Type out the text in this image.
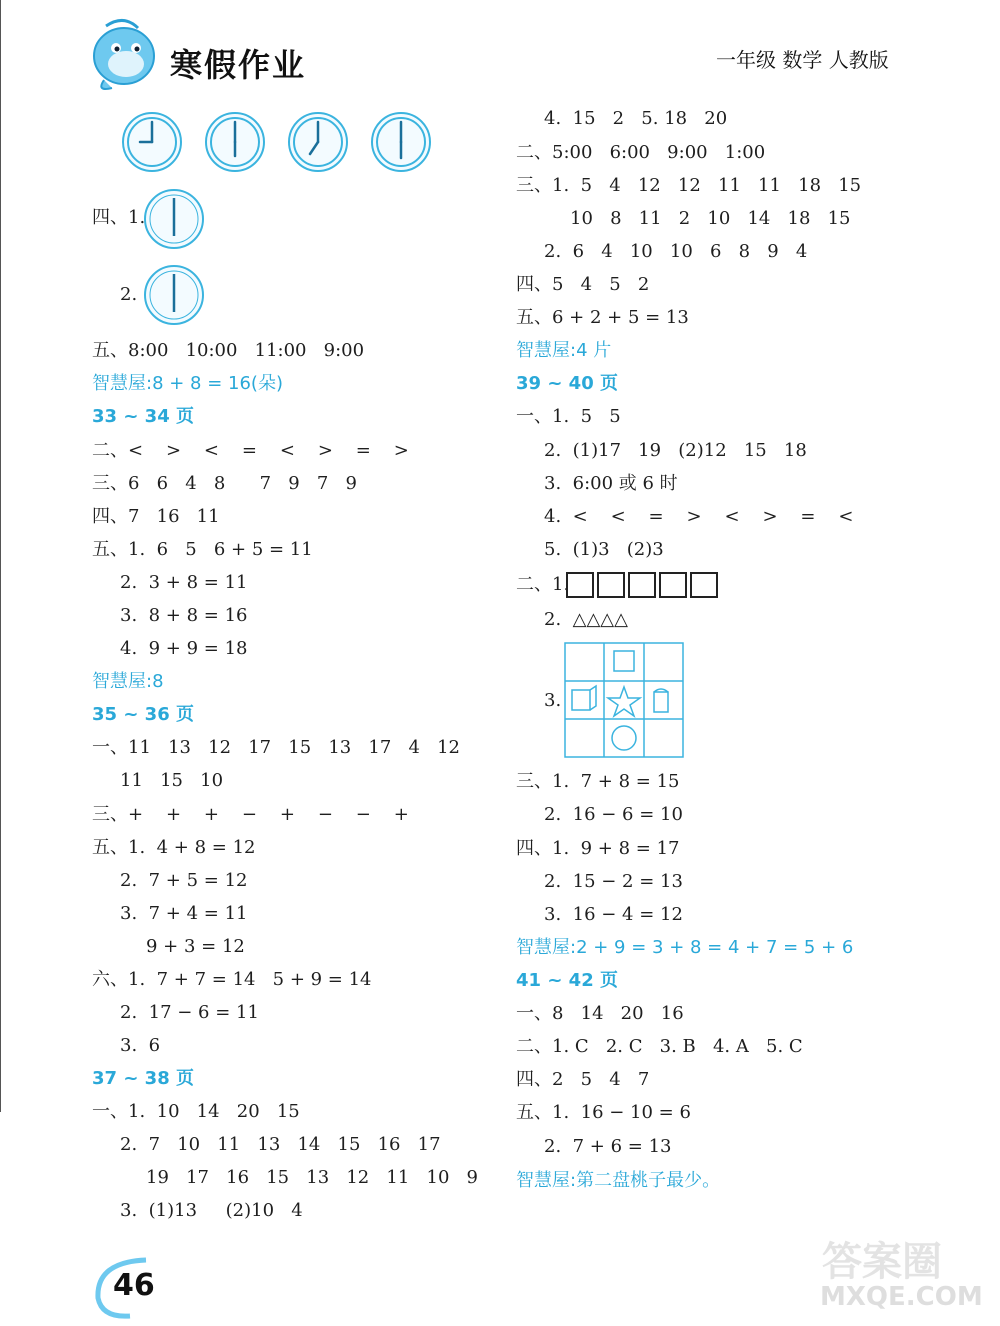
寒假作业	一年级 数学 人教版
四、1.
2.
五、8:00   10:00   11:00   9:00
智慧屋:8 + 8 = 16(朵)
33 ~ 34 页
二、<    >    <    =    <    >    =    >
三、6   6   4   8      7   9   7   9
四、7   16   11
五、1.  6   5   6 + 5 = 11
2.  3 + 8 = 11
3.  8 + 8 = 16
4.  9 + 9 = 18
智慧屋:8
35 ~ 36 页
一、11   13   12   17   15   13   17   4   12
11   15   10
三、+    +    +    −    +    −    −    +
五、1.  4 + 8 = 12
2.  7 + 5 = 12
3.  7 + 4 = 11
9 + 3 = 12
六、1.  7 + 7 = 14   5 + 9 = 14
2.  17 − 6 = 11
3.  6
37 ~ 38 页
一、1.  10   14   20   15
2.  7   10   11   13   14   15   16   17
19   17   16   15   13   12   11   10   9
3.  (1)13     (2)10   4
4.  15   2   5. 18   20
二、5:00   6:00   9:00   1:00
三、1.  5   4   12   12   11   11   18   15
10   8   11   2   10   14   18   15
2.  6   4   10   10   6   8   9   4
四、5   4   5   2
五、6 + 2 + 5 = 13
智慧屋:4 片
39 ~ 40 页
一、1.  5   5
2.  (1)17   19   (2)12   15   18
3.  6:00 或 6 时
4.  <    <    =    >    <    >    =    <
5.  (1)3   (2)3
二、1.
2.  △△△△
3.
三、1.  7 + 8 = 15
2.  16 − 6 = 10
四、1.  9 + 8 = 17
2.  15 − 2 = 13
3.  16 − 4 = 12
智慧屋:2 + 9 = 3 + 8 = 4 + 7 = 5 + 6
41 ~ 42 页
一、8   14   20   16
二、1. C   2. C   3. B   4. A   5. C
四、2   5   4   7
五、1.  16 − 10 = 6
2.  7 + 6 = 13
智慧屋:第二盘桃子最少。
46
答案圈
MXQE.COM
